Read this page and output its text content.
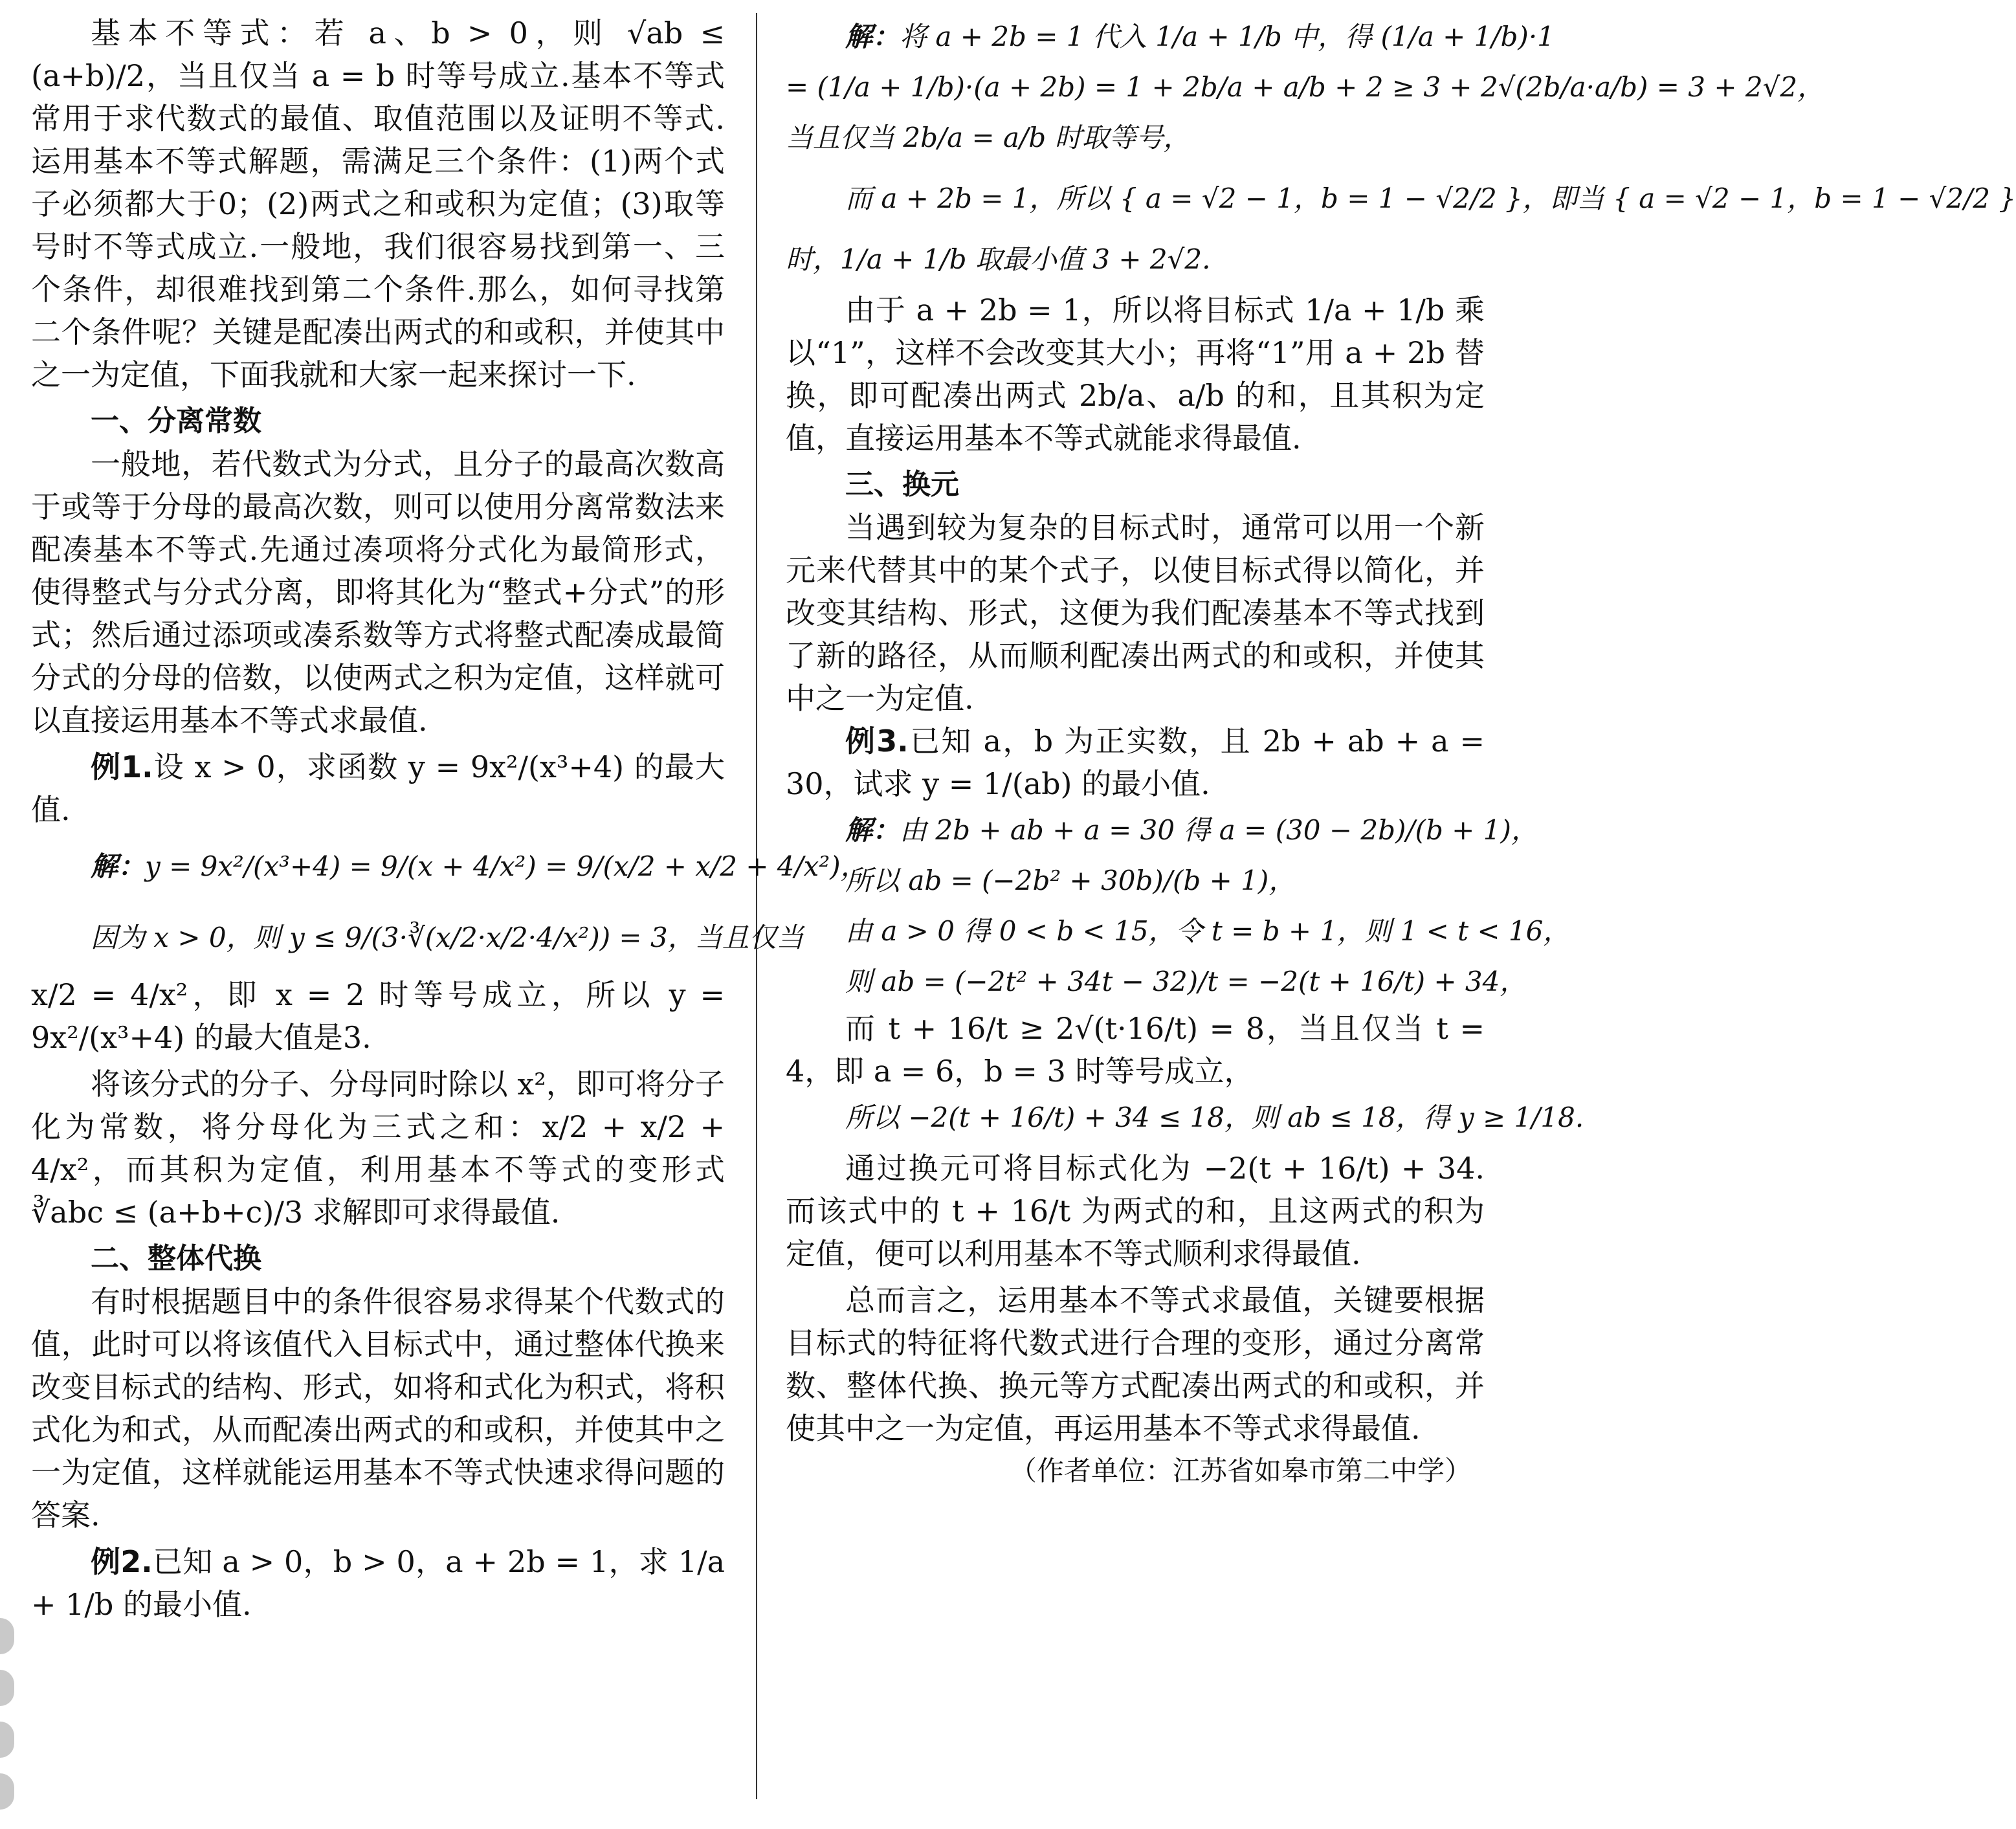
基本不等式：若 a、b > 0，则 √ab ≤ (a+b)/2，当且仅当 a = b 时等号成立.基本不等式常用于求代数式的最值、取值范围以及证明不等式.运用基本不等式解题，需满足三个条件：(1)两个式子必须都大于0；(2)两式之和或积为定值；(3)取等号时不等式成立.一般地，我们很容易找到第一、三个条件，却很难找到第二个条件.那么，如何寻找第二个条件呢？关键是配凑出两式的和或积，并使其中之一为定值，下面我就和大家一起来探讨一下.

一、分离常数

一般地，若代数式为分式，且分子的最高次数高于或等于分母的最高次数，则可以使用分离常数法来配凑基本不等式.先通过凑项将分式化为最简形式，使得整式与分式分离，即将其化为“整式+分式”的形式；然后通过添项或凑系数等方式将整式配凑成最简分式的分母的倍数，以使两式之积为定值，这样就可以直接运用基本不等式求最值.

例1.设 x > 0，求函数 y = 9x²/(x³+4) 的最大值.

解：y = 9x²/(x³+4) = 9/(x + 4/x²) = 9/(x/2 + x/2 + 4/x²)，
因为 x > 0，则 y ≤ 9/(3·∛(x/2·x/2·4/x²)) = 3，当且仅当

x/2 = 4/x²，即 x = 2 时等号成立，所以 y = 9x²/(x³+4) 的最大值是3.

将该分式的分子、分母同时除以 x²，即可将分子化为常数，将分母化为三式之和：x/2 + x/2 + 4/x²，而其积为定值，利用基本不等式的变形式 ∛abc ≤ (a+b+c)/3 求解即可求得最值.

二、整体代换

有时根据题目中的条件很容易求得某个代数式的值，此时可以将该值代入目标式中，通过整体代换来改变目标式的结构、形式，如将和式化为积式，将积式化为和式，从而配凑出两式的和或积，并使其中之一为定值，这样就能运用基本不等式快速求得问题的答案.

例2.已知 a > 0，b > 0，a + 2b = 1，求 1/a + 1/b 的最小值.

解：将 a + 2b = 1 代入 1/a + 1/b 中，得 (1/a + 1/b)·1
= (1/a + 1/b)·(a + 2b) = 1 + 2b/a + a/b + 2 ≥ 3 + 2√(2b/a·a/b) = 3 + 2√2，
当且仅当 2b/a = a/b 时取等号，
而 a + 2b = 1，所以 { a = √2 − 1，b = 1 − √2/2 }，即当 { a = √2 − 1，b = 1 − √2/2 }
时，1/a + 1/b 取最小值 3 + 2√2.

由于 a + 2b = 1，所以将目标式 1/a + 1/b 乘以“1”，这样不会改变其大小；再将“1”用 a + 2b 替换，即可配凑出两式 2b/a、a/b 的和，且其积为定值，直接运用基本不等式就能求得最值.

三、换元

当遇到较为复杂的目标式时，通常可以用一个新元来代替其中的某个式子，以使目标式得以简化，并改变其结构、形式，这便为我们配凑基本不等式找到了新的路径，从而顺利配凑出两式的和或积，并使其中之一为定值.

例3.已知 a，b 为正实数，且 2b + ab + a = 30，试求 y = 1/(ab) 的最小值.

解：由 2b + ab + a = 30 得 a = (30 − 2b)/(b + 1)，
所以 ab = (−2b² + 30b)/(b + 1)，
由 a > 0 得 0 < b < 15，令 t = b + 1，则 1 < t < 16，
则 ab = (−2t² + 34t − 32)/t = −2(t + 16/t) + 34，

而 t + 16/t ≥ 2√(t·16/t) = 8，当且仅当 t = 4，即 a = 6，b = 3 时等号成立，

所以 −2(t + 16/t) + 34 ≤ 18，则 ab ≤ 18，得 y ≥ 1/18.

通过换元可将目标式化为 −2(t + 16/t) + 34.而该式中的 t + 16/t 为两式的和，且这两式的积为定值，便可以利用基本不等式顺利求得最值.

总而言之，运用基本不等式求最值，关键要根据目标式的特征将代数式进行合理的变形，通过分离常数、整体代换、换元等方式配凑出两式的和或积，并使其中之一为定值，再运用基本不等式求得最值.

（作者单位：江苏省如皋市第二中学）
